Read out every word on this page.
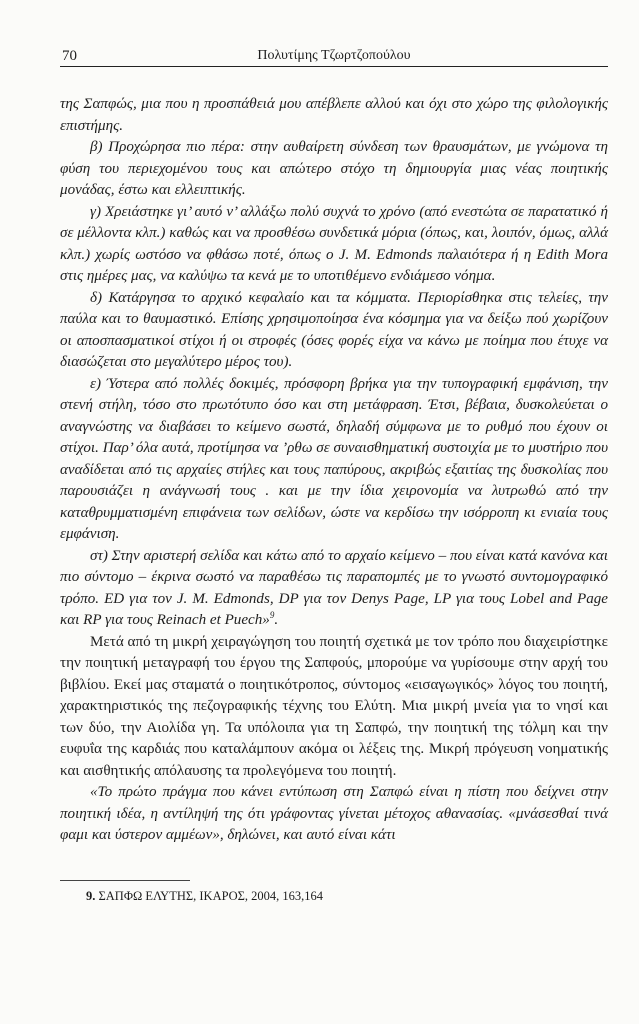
70	Πολυτίμης Τζωρτζοπούλου

της Σαπφώς, μια που η προσπάθειά μου απέβλεπε αλλού και όχι στο χώρο της φιλολογικής επιστήμης.

β) Προχώρησα πιο πέρα: στην αυθαίρετη σύνδεση των θραυσμάτων, με γνώμονα τη φύση του περιεχομένου τους και απώτερο στόχο τη δημιουργία μιας νέας ποιητικής μονάδας, έστω και ελλειπτικής.

γ) Χρειάστηκε γι’ αυτό ν’ αλλάξω πολύ συχνά το χρόνο (από ενεστώτα σε παρατατικό ή σε μέλλοντα κλπ.) καθώς και να προσθέσω συνδετικά μόρια (όπως, και, λοιπόν, όμως, αλλά κλπ.) χωρίς ωστόσο να φθάσω ποτέ, όπως ο J. M. Edmonds παλαιότερα ή η Edith Mora στις ημέρες μας, να καλύψω τα κενά με το υποτιθέμενο ενδιάμεσο νόημα.

δ) Κατάργησα το αρχικό κεφαλαίο και τα κόμματα. Περιορίσθηκα στις τελείες, την παύλα και το θαυμαστικό. Επίσης χρησιμοποίησα ένα κόσμημα για να δείξω πού χωρίζουν οι αποσπασματικοί στίχοι ή οι στροφές (όσες φορές είχα να κάνω με ποίημα που έτυχε να διασώζεται στο μεγαλύτερο μέρος του).

ε) Ύστερα από πολλές δοκιμές, πρόσφορη βρήκα για την τυπογραφική εμφάνιση, την στενή στήλη, τόσο στο πρωτότυπο όσο και στη μετάφραση. Έτσι, βέβαια, δυσκολεύεται ο αναγνώστης να διαβάσει το κείμενο σωστά, δηλαδή σύμφωνα με το ρυθμό που έχουν οι στίχοι. Παρ’ όλα αυτά, προτίμησα να ’ρθω σε συναισθηματική συστοιχία με το μυστήριο που αναδίδεται από τις αρχαίες στήλες και τους παπύρους, ακριβώς εξαιτίας της δυσκολίας που παρουσιάζει η ανάγνωσή τους . και με την ίδια χειρονομία να λυτρωθώ από την καταθρυμματισμένη επιφάνεια των σελίδων, ώστε να κερδίσω την ισόρροπη κι ενιαία τους εμφάνιση.

στ) Στην αριστερή σελίδα και κάτω από το αρχαίο κείμενο – που είναι κατά κανόνα και πιο σύντομο – έκρινα σωστό να παραθέσω τις παραπομπές με το γνωστό συντομογραφικό τρόπο. ED για τον J. M. Edmonds, DP για τον Denys Page, LP για τους Lobel and Page και RP για τους Reinach et Puech»$^9$.

Μετά από τη μικρή χειραγώγηση του ποιητή σχετικά με τον τρόπο που διαχειρίστηκε την ποιητική μεταγραφή του έργου της Σαπφούς, μπορούμε να γυρίσουμε στην αρχή του βιβλίου. Εκεί μας σταματά ο ποιητικότροπος, σύντομος «εισαγωγικός» λόγος του ποιητή, χαρακτηριστικός της πεζογραφικής τέχνης του Ελύτη. Μια μικρή μνεία για το νησί και των δύο, την Αιολίδα γη. Τα υπόλοιπα για τη Σαπφώ, την ποιητική της τόλμη και την ευφυΐα της καρδιάς που καταλάμπουν ακόμα οι λέξεις της. Μικρή πρόγευση νοηματικής και αισθητικής απόλαυσης τα προλεγόμενα του ποιητή.

«Το πρώτο πράγμα που κάνει εντύπωση στη Σαπφώ είναι η πίστη που δείχνει στην ποιητική ιδέα, η αντίληψή της ότι γράφοντας γίνεται μέτοχος αθανασίας. «μνάσεσθαί τινά φαμι και ύστερον αμμέων», δηλώνει, και αυτό είναι κάτι

9. ΣΑΠΦΩ ΕΛΥΤΗΣ, ΙΚΑΡΟΣ, 2004, 163,164
